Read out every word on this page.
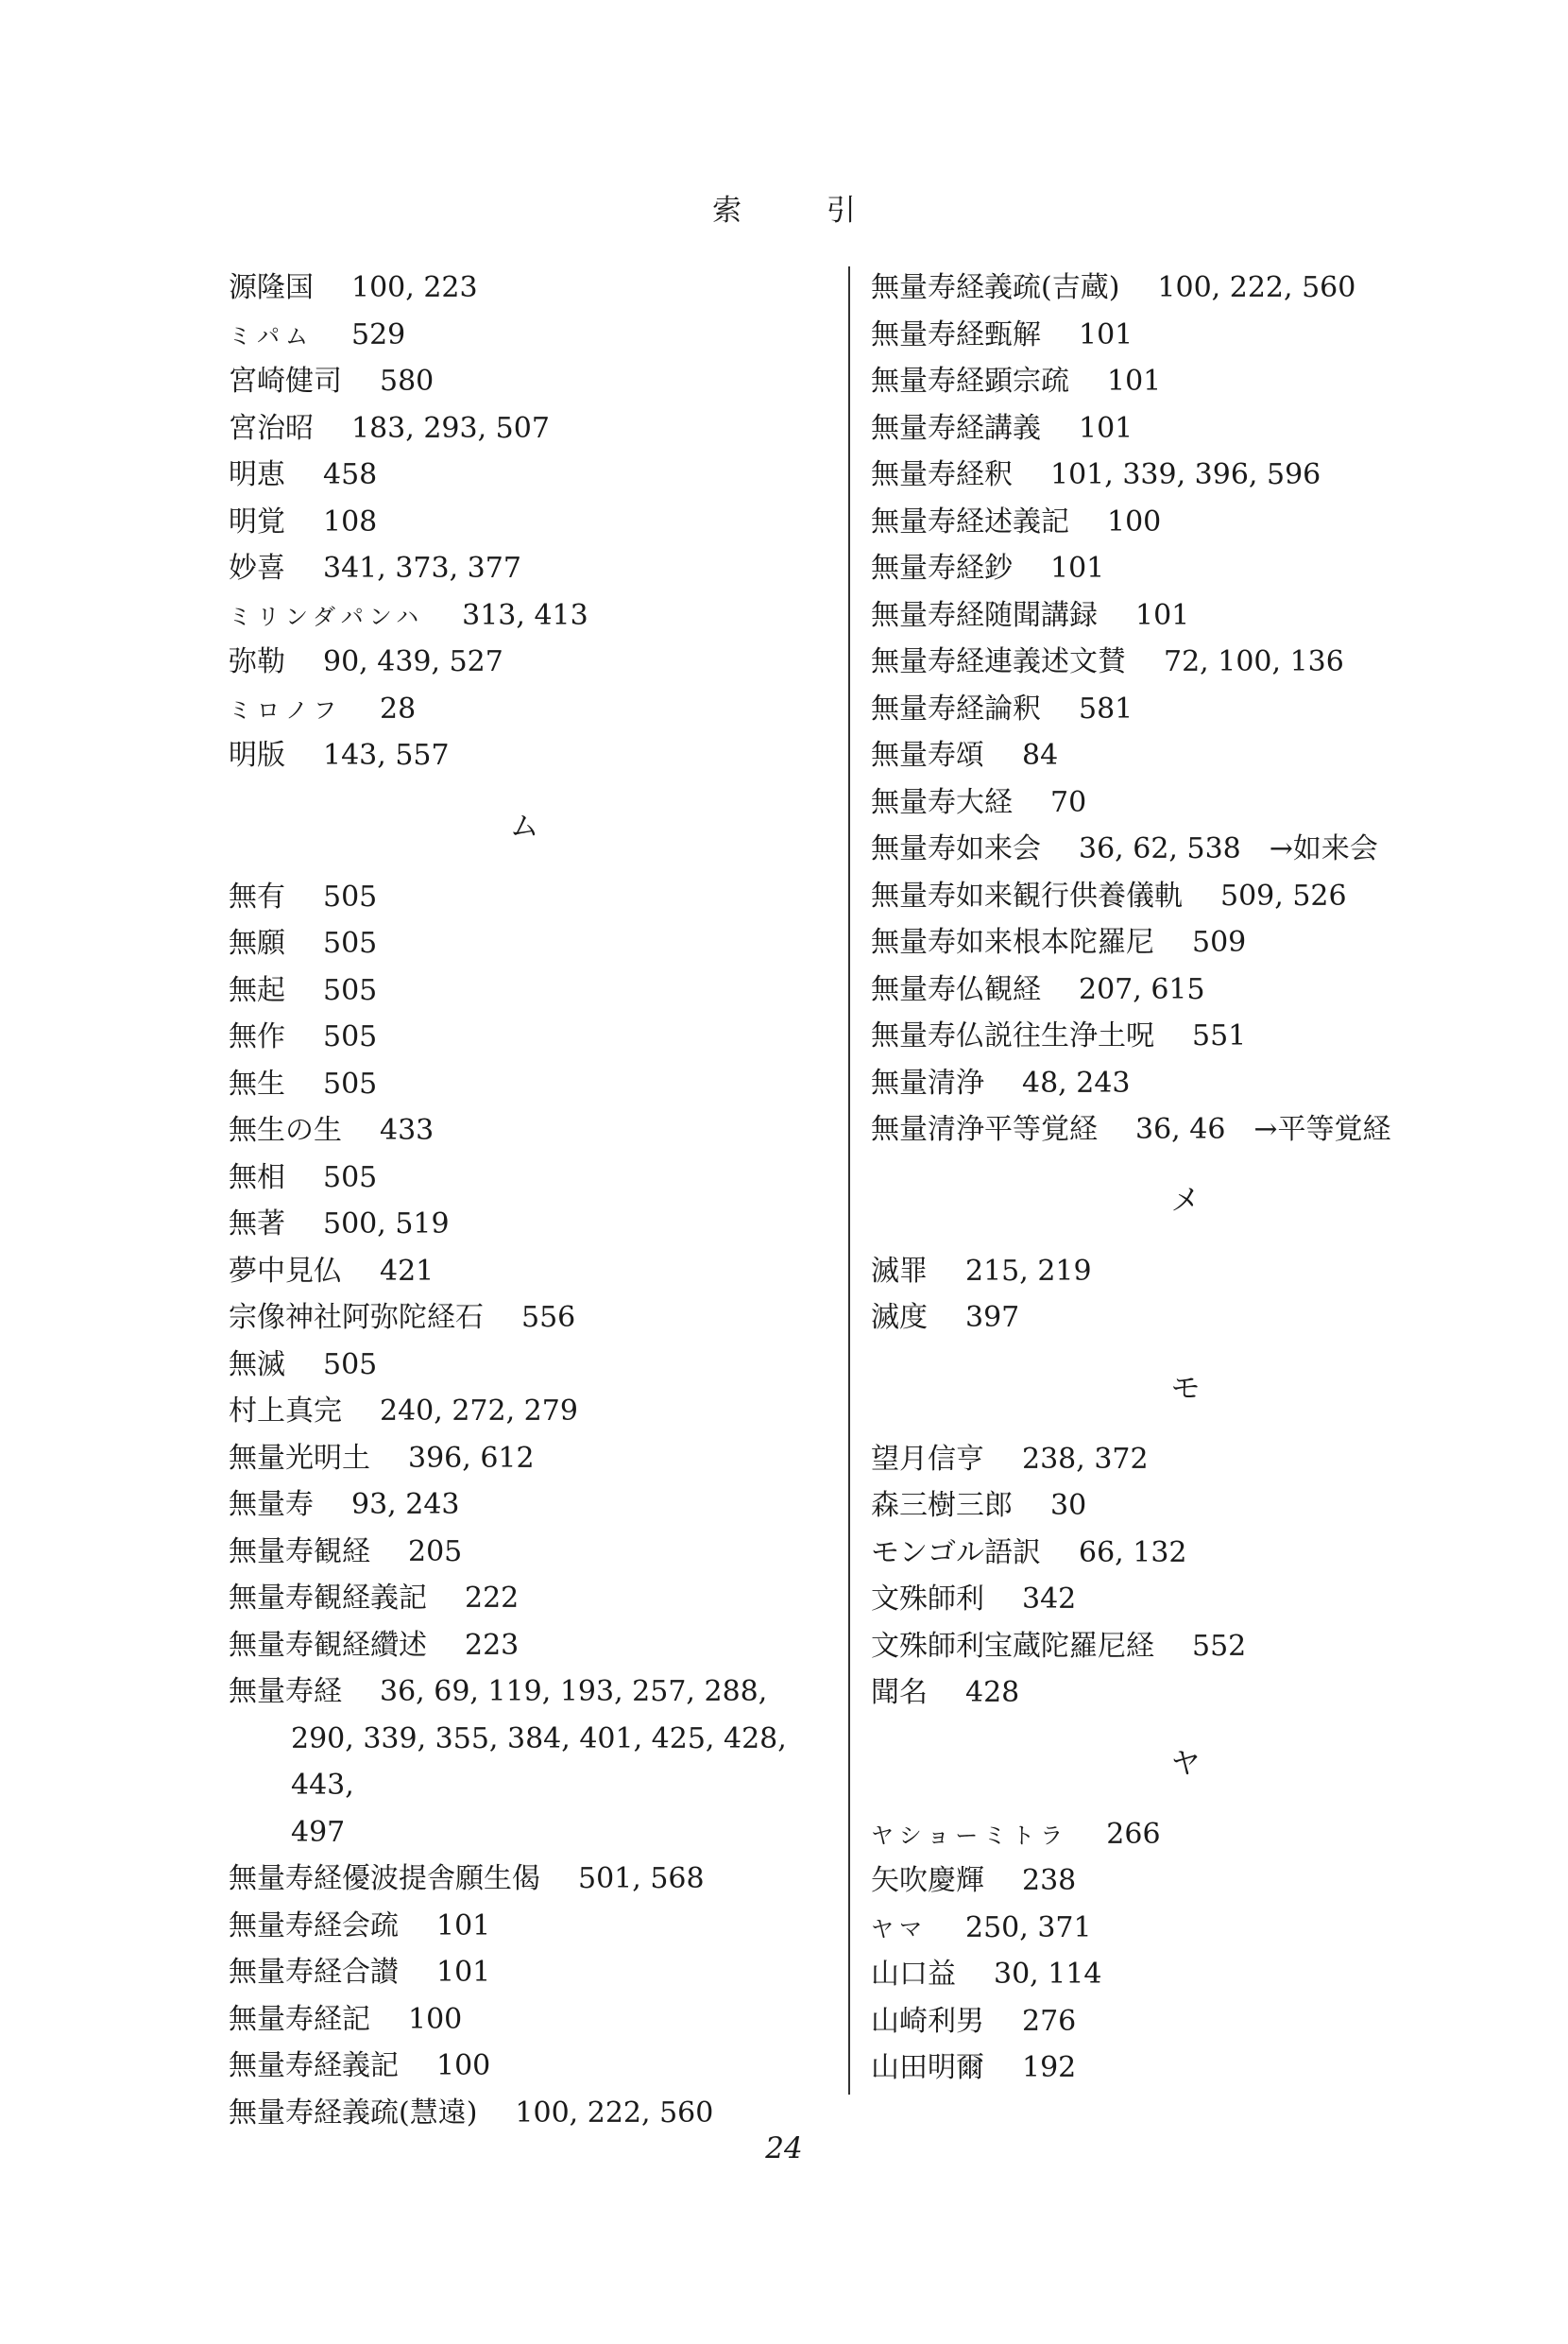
索	引
源隆国 100, 223
ミパム 529
宮崎健司 580
宮治昭 183, 293, 507
明恵 458
明覚 108
妙喜 341, 373, 377
ミリンダパンハ 313, 413
弥勒 90, 439, 527
ミロノフ 28
明版 143, 557
ム
無有 505
無願 505
無起 505
無作 505
無生 505
無生の生 433
無相 505
無著 500, 519
夢中見仏 421
宗像神社阿弥陀経石 556
無滅 505
村上真完 240, 272, 279
無量光明土 396, 612
無量寿 93, 243
無量寿観経 205
無量寿観経義記 222
無量寿観経纘述 223
無量寿経 36, 69, 119, 193, 257, 288,
290, 339, 355, 384, 401, 425, 428, 443,
497
無量寿経優波提舎願生偈 501, 568
無量寿経会疏 101
無量寿経合讃 101
無量寿経記 100
無量寿経義記 100
無量寿経義疏(慧遠) 100, 222, 560
無量寿経義疏(吉蔵) 100, 222, 560
無量寿経甄解 101
無量寿経顕宗疏 101
無量寿経講義 101
無量寿経釈 101, 339, 396, 596
無量寿経述義記 100
無量寿経鈔 101
無量寿経随聞講録 101
無量寿経連義述文賛 72, 100, 136
無量寿経論釈 581
無量寿頌 84
無量寿大経 70
無量寿如来会 36, 62, 538　→如来会
無量寿如来観行供養儀軌 509, 526
無量寿如来根本陀羅尼 509
無量寿仏観経 207, 615
無量寿仏説往生浄土呪 551
無量清浄 48, 243
無量清浄平等覚経 36, 46　→平等覚経
メ
滅罪 215, 219
滅度 397
モ
望月信亨 238, 372
森三樹三郎 30
モンゴル語訳 66, 132
文殊師利 342
文殊師利宝蔵陀羅尼経 552
聞名 428
ヤ
ヤショーミトラ 266
矢吹慶輝 238
ヤマ 250, 371
山口益 30, 114
山崎利男 276
山田明爾 192
24
